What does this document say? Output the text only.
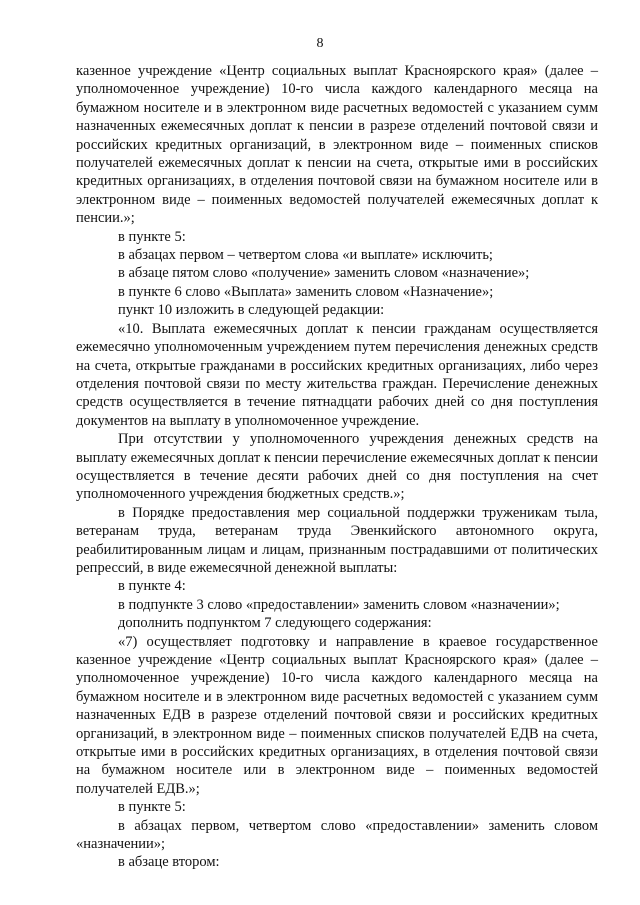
8

казенное учреждение «Центр социальных выплат Красноярского края» (далее – уполномоченное учреждение) 10-го числа каждого календарного месяца на бумажном носителе и в электронном виде расчетных ведомостей с указанием сумм назначенных ежемесячных доплат к пенсии в разрезе отделений почтовой связи и российских кредитных организаций, в электронном виде – поименных списков получателей ежемесячных доплат к пенсии на счета, открытые ими в российских кредитных организациях, в отделения почтовой связи на бумажном носителе или в электронном виде – поименных ведомостей получателей ежемесячных доплат к пенсии.»;

в пункте 5:

в абзацах первом – четвертом слова «и выплате» исключить;

в абзаце пятом слово «получение» заменить словом «назначение»;

в пункте 6 слово «Выплата» заменить словом «Назначение»;

пункт 10 изложить в следующей редакции:

«10. Выплата ежемесячных доплат к пенсии гражданам осуществляется ежемесячно уполномоченным учреждением путем перечисления денежных средств на счета, открытые гражданами в российских кредитных организациях, либо через отделения почтовой связи по месту жительства граждан. Перечисление денежных средств осуществляется в течение пятнадцати рабочих дней со дня поступления документов на выплату в уполномоченное учреждение.

При отсутствии у уполномоченного учреждения денежных средств на выплату ежемесячных доплат к пенсии перечисление ежемесячных доплат к пенсии осуществляется в течение десяти рабочих дней со дня поступления на счет уполномоченного учреждения бюджетных средств.»;

в Порядке предоставления мер социальной поддержки труженикам тыла, ветеранам труда, ветеранам труда Эвенкийского автономного округа, реабилитированным лицам и лицам, признанным пострадавшими от политических репрессий, в виде ежемесячной денежной выплаты:

в пункте 4:

в подпункте 3 слово «предоставлении» заменить словом «назначении»;

дополнить подпунктом 7 следующего содержания:

«7) осуществляет подготовку и направление в краевое государственное казенное учреждение «Центр социальных выплат Красноярского края» (далее – уполномоченное учреждение) 10-го числа каждого календарного месяца на бумажном носителе и в электронном виде расчетных ведомостей с указанием сумм назначенных ЕДВ в разрезе отделений почтовой связи и российских кредитных организаций, в электронном виде – поименных списков получателей ЕДВ на счета, открытые ими в российских кредитных организациях, в отделения почтовой связи на бумажном носителе или в электронном виде – поименных ведомостей получателей ЕДВ.»;

в пункте 5:

в абзацах первом, четвертом слово «предоставлении» заменить словом «назначении»;

в абзаце втором:
